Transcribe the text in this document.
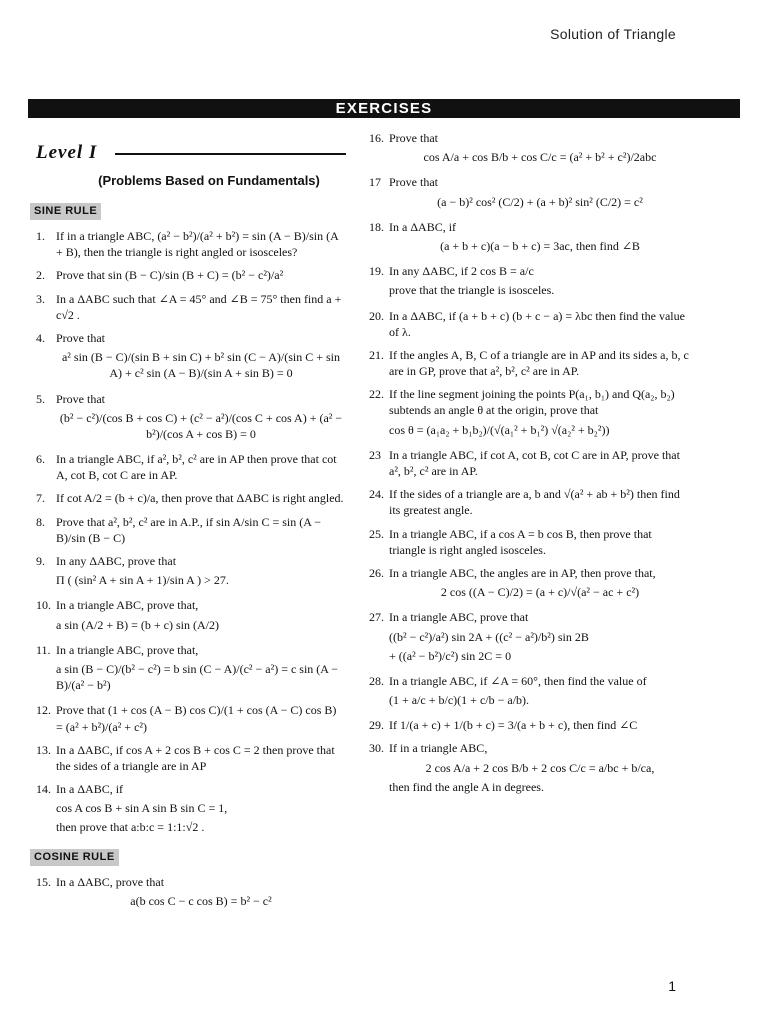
Solution of Triangle
EXERCISES
Level I
(Problems Based on Fundamentals)
SINE RULE
1. If in a triangle ABC, (a² − b²)/(a² + b²) = sin (A − B)/sin (A + B), then the triangle is right angled or isosceles?
2. Prove that sin (B − C)/sin (B + C) = (b² − c²)/a²
3. In a ΔABC such that ∠A = 45° and ∠B = 75° then find a + c√2 .
4. Prove that
a² sin (B − C)/(sin B + sin C) + b² sin (C − A)/(sin C + sin A) + c² sin (A − B)/(sin A + sin B) = 0
5. Prove that
(b² − c²)/(cos B + cos C) + (c² − a²)/(cos C + cos A) + (a² − b²)/(cos A + cos B) = 0
6. In a triangle ABC, if a², b², c² are in AP then prove that cot A, cot B, cot C are in AP.
7. If cot A/2 = (b + c)/a, then prove that ΔABC is right angled.
8. Prove that a², b², c² are in A.P., if sin A/sin C = sin (A − B)/sin (B − C)
9. In any ΔABC, prove that
Π ( (sin² A + sin A + 1)/sin A ) > 27.
10. In a triangle ABC, prove that,
a sin (A/2 + B) = (b + c) sin (A/2)
11. In a triangle ABC, prove that,
a sin (B − C)/(b² − c²) = b sin (C − A)/(c² − a²) = c sin (A − B)/(a² − b²)
12. Prove that (1 + cos (A − B) cos C)/(1 + cos (A − C) cos B) = (a² + b²)/(a² + c²)
13. In a ΔABC, if cos A + 2 cos B + cos C = 2 then prove that the sides of a triangle are in AP
14. In a ΔABC, if
cos A cos B + sin A sin B sin C = 1,
then prove that a:b:c = 1:1:√2 .
COSINE RULE
15. In a ΔABC, prove that
a(b cos C − c cos B) = b² − c²
16. Prove that
cos A/a + cos B/b + cos C/c = (a² + b² + c²)/2abc
17 Prove that
(a − b)² cos² (C/2) + (a + b)² sin² (C/2) = c²
18. In a ΔABC, if
(a + b + c)(a − b + c) = 3ac, then find ∠B
19. In any ΔABC, if 2 cos B = a/c
prove that the triangle is isosceles.
20. In a ΔABC, if (a + b + c) (b + c − a) = λbc then find the value of λ.
21. If the angles A, B, C of a triangle are in AP and its sides a, b, c are in GP, prove that a², b², c² are in AP.
22. If the line segment joining the points P(a₁, b₁) and Q(a₂, b₂) subtends an angle θ at the origin, prove that
cos θ = (a₁a₂ + b₁b₂)/(√(a₁² + b₁²) √(a₂² + b₂²))
23 In a triangle ABC, if cot A, cot B, cot C are in AP, prove that a², b², c² are in AP.
24. If the sides of a triangle are a, b and √(a² + ab + b²) then find its greatest angle.
25. In a triangle ABC, if a cos A = b cos B, then prove that triangle is right angled isosceles.
26. In a triangle ABC, the angles are in AP, then prove that,
2 cos ((A − C)/2) = (a + c)/√(a² − ac + c²)
27. In a triangle ABC, prove that
((b² − c²)/a²) sin 2A + ((c² − a²)/b²) sin 2B
+ ((a² − b²)/c²) sin 2C = 0
28. In a triangle ABC, if ∠A = 60°, then find the value of
(1 + a/c + b/c)(1 + c/b − a/b).
29. If 1/(a + c) + 1/(b + c) = 3/(a + b + c), then find ∠C
30. If in a triangle ABC,
2 cos A/a + 2 cos B/b + 2 cos C/c = a/bc + b/ca,
then find the angle A in degrees.
1
